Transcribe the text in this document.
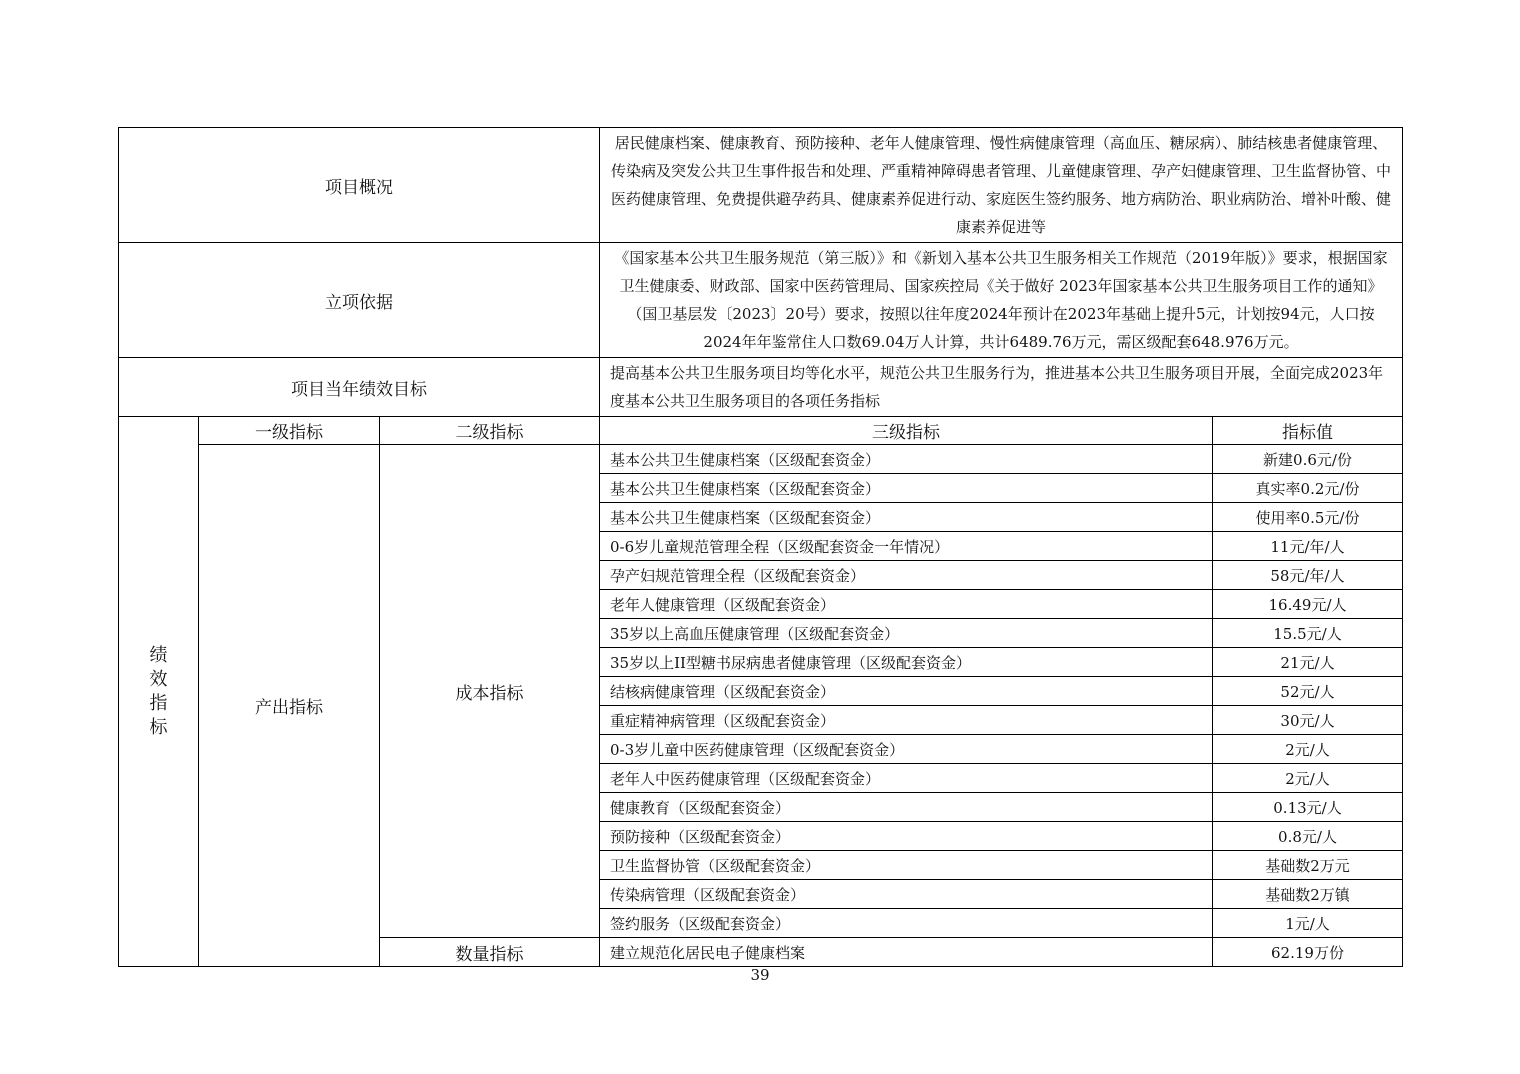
项目概况			居民健康档案、健康教育、预防接种、老年人健康管理、慢性病健康管理（高血压、糖尿病）、肺结核患者健康管理、传染病及突发公共卫生事件报告和处理、严重精神障碍患者管理、儿童健康管理、孕产妇健康管理、卫生监督协管、中医药健康管理、免费提供避孕药具、健康素养促进行动、家庭医生签约服务、地方病防治、职业病防治、增补叶酸、健康素养促进等	
立项依据			《国家基本公共卫生服务规范（第三版）》和《新划入基本公共卫生服务相关工作规范（2019年版）》要求，根据国家卫生健康委、财政部、国家中医药管理局、国家疾控局《关于做好 2023年国家基本公共卫生服务项目工作的通知》（国卫基层发〔2023〕20号）要求，按照以往年度2024年预计在2023年基础上提升5元，计划按94元，人口按2024年年鉴常住人口数69.04万人计算，共计6489.76万元，需区级配套648.976万元。	
项目当年绩效目标			提高基本公共卫生服务项目均等化水平，规范公共卫生服务行为，推进基本公共卫生服务项目开展，全面完成2023年度基本公共卫生服务项目的各项任务指标	

绩
效
指
标	一级指标	二级指标	三级指标	指标值
	产出指标	成本指标	基本公共卫生健康档案（区级配套资金）	新建0.6元/份
			基本公共卫生健康档案（区级配套资金）	真实率0.2元/份
			基本公共卫生健康档案（区级配套资金）	使用率0.5元/份
			0-6岁儿童规范管理全程（区级配套资金一年情况）	11元/年/人
			孕产妇规范管理全程（区级配套资金）	58元/年/人
			老年人健康管理（区级配套资金）	16.49元/人
			35岁以上高血压健康管理（区级配套资金）	15.5元/人
			35岁以上II型糖书尿病患者健康管理（区级配套资金）	21元/人
			结核病健康管理（区级配套资金）	52元/人
			重症精神病管理（区级配套资金）	30元/人
			0-3岁儿童中医药健康管理（区级配套资金）	2元/人
			老年人中医药健康管理（区级配套资金）	2元/人
			健康教育（区级配套资金）	0.13元/人
			预防接种（区级配套资金）	0.8元/人
			卫生监督协管（区级配套资金）	基础数2万元
			传染病管理（区级配套资金）	基础数2万镇
			签约服务（区级配套资金）	1元/人
		数量指标	建立规范化居民电子健康档案	62.19万份
39
